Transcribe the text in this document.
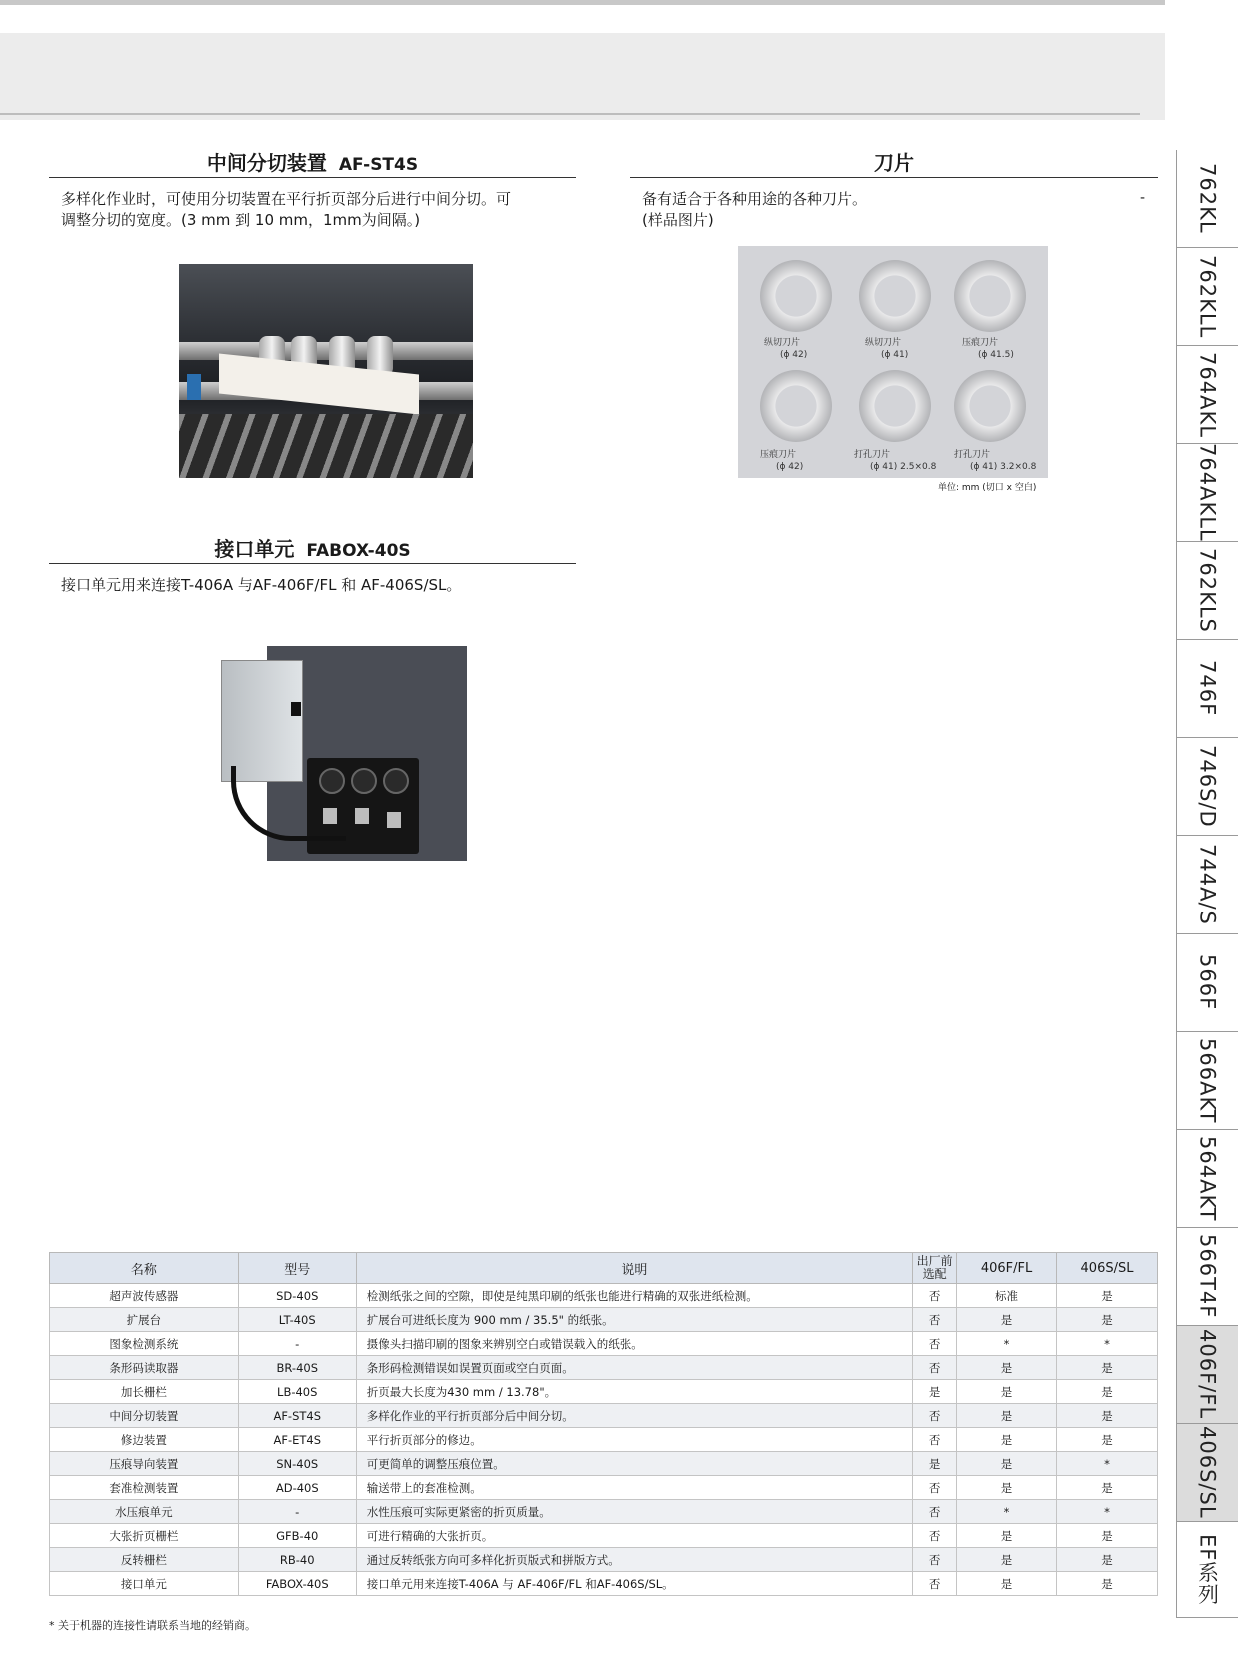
中间分切装置 AF-ST4S
多样化作业时，可使用分切装置在平行折页部分后进行中间分切。可
调整分切的宽度。(3 mm 到 10 mm，1mm为间隔。)
接口单元 FABOX-40S
接口单元用来连接T-406A 与AF-406F/FL 和 AF-406S/SL。
刀片
备有适合于各种用途的各种刀片。
(样品图片)
-
纵切刀片
(ϕ 42)
纵切刀片
(ϕ 41)
压痕刀片
(ϕ 41.5)
压痕刀片
(ϕ 42)
打孔刀片
(ϕ 41) 2.5×0.8
打孔刀片
(ϕ 41) 3.2×0.8
单位: mm (切口 x 空白)
762KL
762KLL
764AKL
764AKLL
762KLS
746F
746S/D
744A/S
566F
566AKT
564AKT
566T4F
406F/FL
406S/SL
EF系列
名称	型号	说明	出厂前选配	406F/FL	406S/SL
超声波传感器	SD-40S	检测纸张之间的空隙，即使是纯黑印刷的纸张也能进行精确的双张进纸检测。	否	标准	是
扩展台	LT-40S	扩展台可进纸长度为 900 mm / 35.5" 的纸张。	否	是	是
图象检测系统	-	摄像头扫描印刷的图象来辨别空白或错误载入的纸张。	否	*	*
条形码读取器	BR-40S	条形码检测错误如误置页面或空白页面。	否	是	是
加长栅栏	LB-40S	折页最大长度为430 mm / 13.78"。	是	是	是
中间分切装置	AF-ST4S	多样化作业的平行折页部分后中间分切。	否	是	是
修边装置	AF-ET4S	平行折页部分的修边。	否	是	是
压痕导向装置	SN-40S	可更简单的调整压痕位置。	是	是	*
套准检测装置	AD-40S	输送带上的套准检测。	否	是	是
水压痕单元	-	水性压痕可实际更紧密的折页质量。	否	*	*
大张折页栅栏	GFB-40	可进行精确的大张折页。	否	是	是
反转栅栏	RB-40	通过反转纸张方向可多样化折页版式和拼版方式。	否	是	是
接口单元	FABOX-40S	接口单元用来连接T-406A 与 AF-406F/FL 和AF-406S/SL。	否	是	是
* 关于机器的连接性请联系当地的经销商。
